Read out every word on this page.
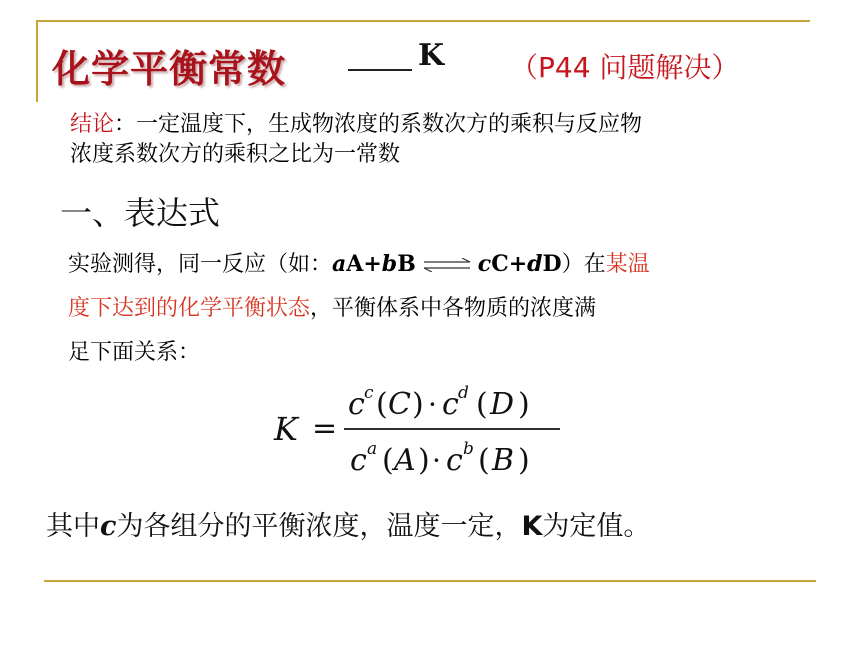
化学平衡常数	K （P44 问题解决）
结论：一定温度下，生成物浓度的系数次方的乘积与反应物
浓度系数次方的乘积之比为一常数
一、表达式
实验测得，同一反应（如：aA+bB ⇌ cC+dD）在某温
度下达到的化学平衡状态，平衡体系中各物质的浓度满
足下面关系：
K =
c c ( C ) · c d ( D )
c a ( A ) · c b ( B )
其中c为各组分的平衡浓度，温度一定，K为定值。
